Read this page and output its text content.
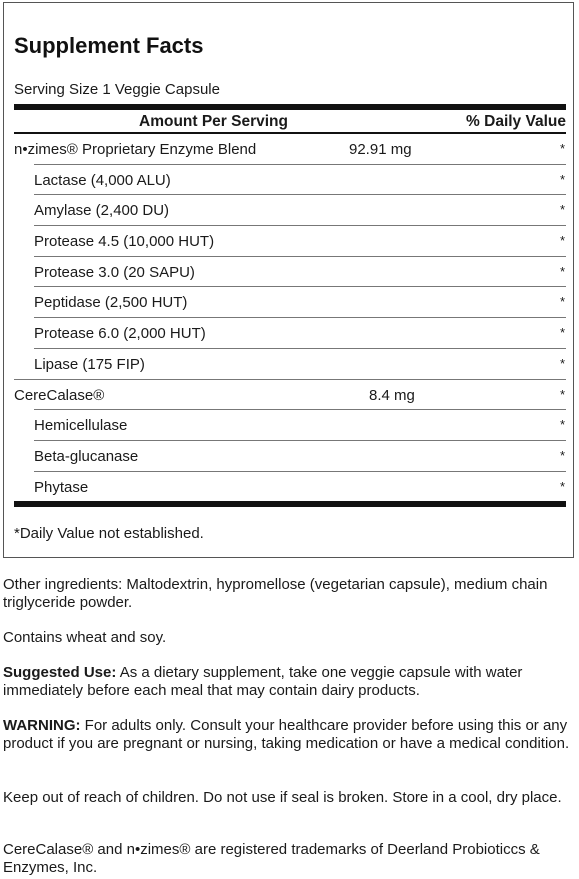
Supplement Facts
Serving Size 1 Veggie Capsule
Amount Per Serving	% Daily Value
n•zimes® Proprietary Enzyme Blend	92.91 mg	*
Lactase (4,000 ALU)	*
Amylase (2,400 DU)	*
Protease 4.5 (10,000 HUT)	*
Protease 3.0 (20 SAPU)	*
Peptidase (2,500 HUT)	*
Protease 6.0 (2,000 HUT)	*
Lipase (175 FIP)	*
CereCalase®	8.4 mg	*
Hemicellulase	*
Beta-glucanase	*
Phytase	*
*Daily Value not established.

Other ingredients: Maltodextrin, hypromellose (vegetarian capsule), medium chain triglyceride powder.

Contains wheat and soy.

Suggested Use: As a dietary supplement, take one veggie capsule with water immediately before each meal that may contain dairy products.

WARNING: For adults only. Consult your healthcare provider before using this or any product if you are pregnant or nursing, taking medication or have a medical condition.

Keep out of reach of children. Do not use if seal is broken. Store in a cool, dry place.

CereCalase® and n•zimes® are registered trademarks of Deerland Probioticcs & Enzymes, Inc.
